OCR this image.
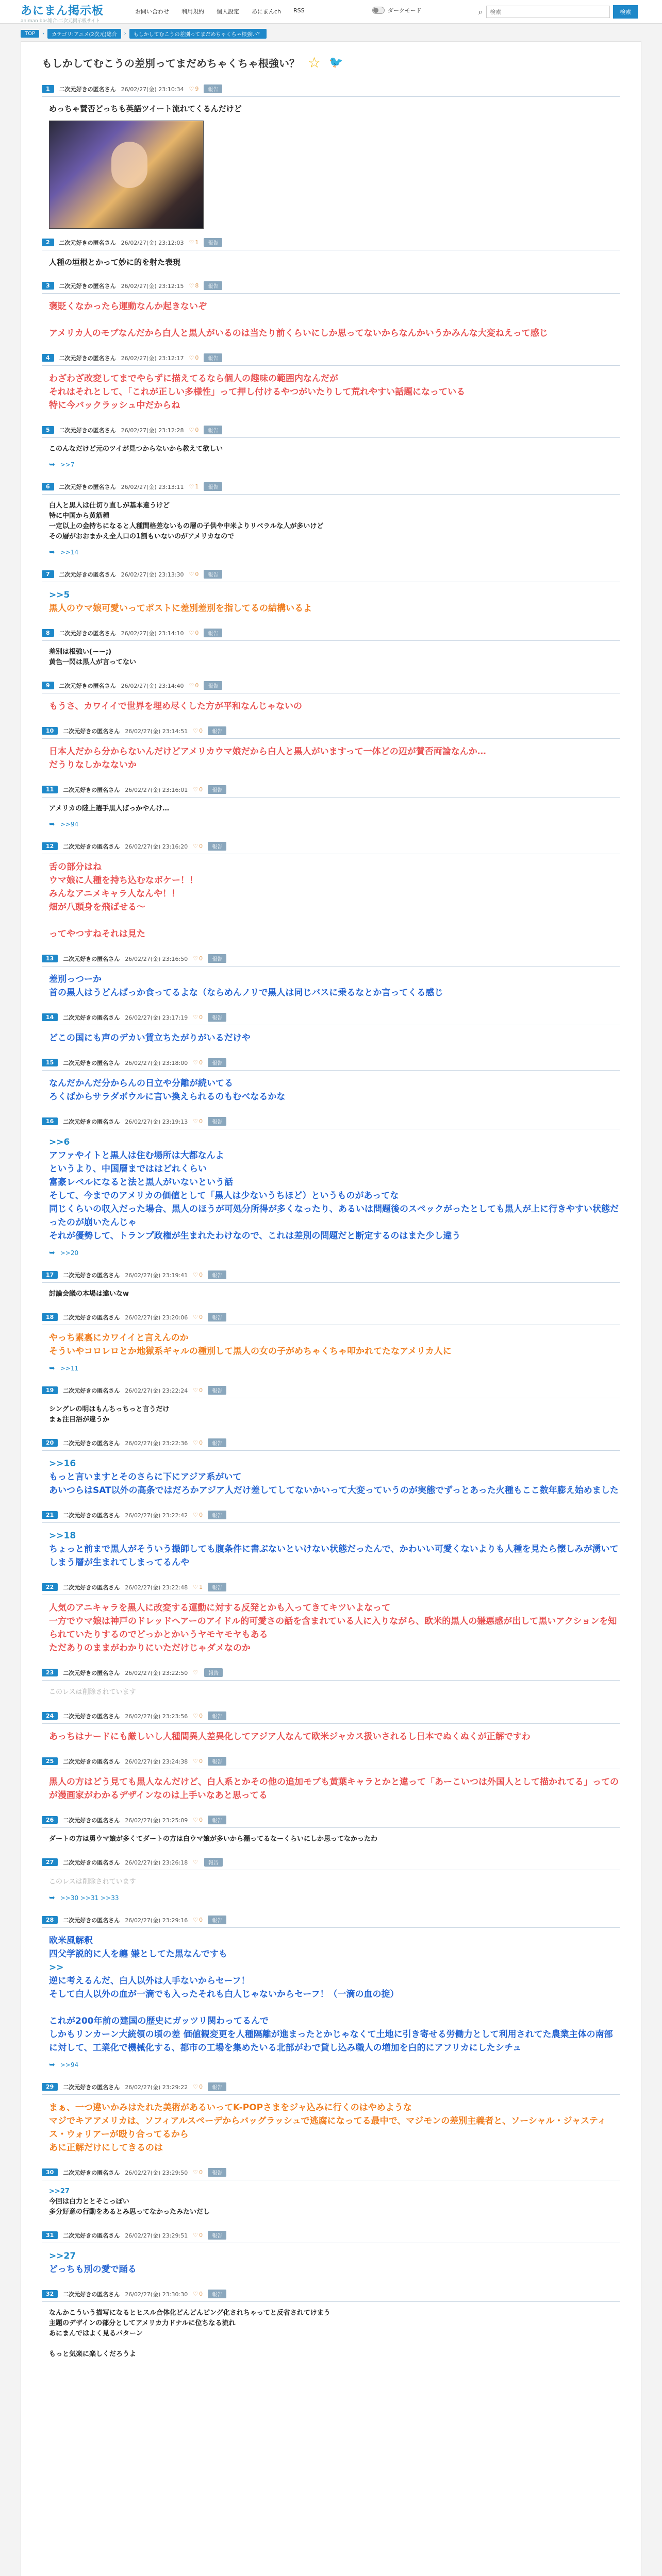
あにまん掲示板
animan bbs総合-二次元掲示板サイト
お問い合わせ 利用規約 個人設定 あにまんch RSS	ダークモード	⌕
検索	検索
TOP	›	カテゴリ:アニメ(2次元)総合	›	もしかしてむこうの差別ってまだめちゃくちゃ根強い？
もしかしてむこうの差別ってまだめちゃくちゃ根強い？ ☆ 🐦
1	二次元好きの匿名さん 26/02/27(金) 23:10:34 ♡ 9	報告
めっちゃ賛否どっちも英語ツイート流れてくるんだけど
2	二次元好きの匿名さん 26/02/27(金) 23:12:03 ♡ 1	報告
人種の垣根とかって妙に的を射た表現
3	二次元好きの匿名さん 26/02/27(金) 23:12:15 ♡ 8	報告
褒貶くなかったら運動なんか起きないぞ

アメリカ人のモブなんだから白人と黒人がいるのは当たり前くらいにしか思ってないからなんかいうかみんな大変ねえって感じ
4	二次元好きの匿名さん 26/02/27(金) 23:12:17 ♡ 0	報告
わざわざ改変してまでやらずに描えてるなら個人の趣味の範囲内なんだが
それはそれとして、「これが正しい多様性」って押し付けるやつがいたりして荒れやすい話題になっている
特に今バックラッシュ中だからね
5	二次元好きの匿名さん 26/02/27(金) 23:12:28 ♡ 0	報告
このんなだけど元のツイが見つからないから教えて欲しい
➥ >>7
6	二次元好きの匿名さん 26/02/27(金) 23:13:11 ♡ 1	報告
白人と黒人は仕切り直しが基本違うけど
特に中国から黄筋種
一定以上の金持ちになると人種間格差ないもの層の子供や中米よりリベラルな人が多いけど
その層がおおまかえ全人口の1割もいないのがアメリカなので
➥ >>14
7	二次元好きの匿名さん 26/02/27(金) 23:13:30 ♡ 0	報告
>>5
黒人のウマ娘可愛いってポストに差別差別を指してるの結構いるよ
8	二次元好きの匿名さん 26/02/27(金) 23:14:10 ♡ 0	報告
差別は根強い(ーー;)
黄色一閃は黒人が言ってない
9	二次元好きの匿名さん 26/02/27(金) 23:14:40 ♡ 0	報告
もうさ、カワイイで世界を埋め尽くした方が平和なんじゃないの
10	二次元好きの匿名さん 26/02/27(金) 23:14:51 ♡ 0	報告
日本人だから分からないんだけどアメリカウマ娘だから白人と黒人がいますって一体どの辺が賛否両論なんか…
だうりなしかなないか
11	二次元好きの匿名さん 26/02/27(金) 23:16:01 ♡ 0	報告
アメリカの陸上選手黒人ばっかやんけ…
➥ >>94
12	二次元好きの匿名さん 26/02/27(金) 23:16:20 ♡ 0	報告
舌の部分はね
ウマ娘に人種を持ち込むなボケー！！
みんなアニメキャラ人なんや！！
畑が八頭身を飛ばせる〜

ってやつすねそれは見た
13	二次元好きの匿名さん 26/02/27(金) 23:16:50 ♡ 0	報告
差別っつーか
首の黒人はうどんばっか食ってるよな（ならめんノリで黒人は同じバスに乗るなとか言ってくる感じ
14	二次元好きの匿名さん 26/02/27(金) 23:17:19 ♡ 0	報告
どこの国にも声のデカい賃立ちたがりがいるだけや
15	二次元好きの匿名さん 26/02/27(金) 23:18:00 ♡ 0	報告
なんだかんだ分からんの日立や分離が続いてる
ろくばからサラダボウルに言い換えられるのもむべなるかな
16	二次元好きの匿名さん 26/02/27(金) 23:19:13 ♡ 0	報告
>>6
アファやイトと黒人は住む場所は大都なんよ
というより、中国層までははどれくらい
富豪レベルになると法と黒人がいないという話
そして、今までのアメリカの価値として「黒人は少ないうちほど）というものがあってな
同じくらいの収入だった場合、黒人のほうが可処分所得が多くなったり、あるいは問題後のスペックがったとしても黒人が上に行きやすい状態だったのが崩いたんじゃ
それが優勢して、トランプ政権が生まれたわけなので、これは差別の問題だと断定するのはまた少し違う
➥ >>20
17	二次元好きの匿名さん 26/02/27(金) 23:19:41 ♡ 0	報告
討論会議の本場は違いなw
18	二次元好きの匿名さん 26/02/27(金) 23:20:06 ♡ 0	報告
やっち素裏にカワイイと言えんのか
そういやコロレロとか地獄系ギャルの種別して黒人の女の子がめちゃくちゃ叩かれてたなアメリカ人に
➥ >>11
19	二次元好きの匿名さん 26/02/27(金) 23:22:24 ♡ 0	報告
シングレの明はもんちっちっと言うだけ
まぁ注目浴が違うか
20	二次元好きの匿名さん 26/02/27(金) 23:22:36 ♡ 0	報告
>>16
もっと言いますとそのさらに下にアジア系がいて
あいつらはSAT以外の高条ではだろかアジア人だけ差してしてないかいって大変っていうのが実態でずっとあった火種もここ数年膨え始めました
21	二次元好きの匿名さん 26/02/27(金) 23:22:42 ♡ 0	報告
>>18
ちょっと前まで黒人がそういう撮師しても腹条件に書ぶないといけない状態だったんで、かわいい可愛くないよりも人種を見たら懐しみが湧いてしまう層が生まれてしまってるんや
22	二次元好きの匿名さん 26/02/27(金) 23:22:48 ♡ 1	報告
人気のアニキャラを黒人に改変する運動に対する反発とかも入ってきてキツいよなって
一方でウマ娘は神戸のドレッドヘアーのアイドル的可愛さの話を含まれている人に入りながら、欧米的黒人の嫌悪感が出して黒いアクションを知られていたりするのでどっかとかいうヤモヤモヤもある
ただありのままがわかりにいただけじゃダメなのか
23	二次元好きの匿名さん 26/02/27(金) 23:22:50 ♡	報告
このレスは削除されています
24	二次元好きの匿名さん 26/02/27(金) 23:23:56 ♡ 0	報告
あっちはナードにも厳しいし人種間異人差異化してアジア人なんて欧米ジャカス扱いされるし日本でぬくぬくが正解ですわ
25	二次元好きの匿名さん 26/02/27(金) 23:24:38 ♡ 0	報告
黒人の方はどう見ても黒人なんだけど、白人系とかその他の追加モブも黄葉キャラとかと違って「あーこいつは外国人として描かれてる」ってのが漫画家がわかるデザインなのは上手いなあと思ってる
26	二次元好きの匿名さん 26/02/27(金) 23:25:09 ♡ 0	報告
ダートの方は勇ウマ娘が多くてダートの方は白ウマ娘が多いから漏ってるなーくらいにしか思ってなかったわ
27	二次元好きの匿名さん 26/02/27(金) 23:26:18 ♡	報告
このレスは削除されています
➥ >>30 >>31 >>33
28	二次元好きの匿名さん 26/02/27(金) 23:29:16 ♡ 0	報告
欧米風解釈
四父学説的に人を纏 嫌としてた黒なんですも
>>
逆に考えるんだ、白人以外は人手ないからセーフ！
そして白人以外の血が一滴でも入ったそれも白人じゃないからセーフ！（一滴の血の掟）

これが200年前の建国の歴史にガッツリ関わってるんで
しかもリンカーン大統領の頃の差 価値観変更を人種隔離が進まったとかじゃなくて土地に引き寄せる労働力として利用されてた農業主体の南部に対して、工業化で機械化する、都市の工場を集めたいる北部がわで貸し込み職人の増加を白的にアフリカにしたシチュ
➥ >>94
29	二次元好きの匿名さん 26/02/27(金) 23:29:22 ♡ 0	報告
まぁ、一つ違いかみはたれた美術があるいってK-POPさまをジャ込みに行くのはやめような
マジでキアアメリカは、ソフィアルスペーデからバッグラッシュで逃腐になってる最中で、マジモンの差別主義者と、ソーシャル・ジャスティス・ウォリアーが殴り合ってるから
あに正解だけにしてきるのは
30	二次元好きの匿名さん 26/02/27(金) 23:29:50 ♡ 0	報告
>>27
今回は白力ととそこっぽい
多分好意の行動をあるとみ思ってなかったみたいだし
31	二次元好きの匿名さん 26/02/27(金) 23:29:51 ♡ 0	報告
>>27
どっちも別の愛で踊る
32	二次元好きの匿名さん 26/02/27(金) 23:30:30 ♡ 0	報告
なんかこういう描写になるとヒスル合体化どんどんピング化されちゃってと反省されてけまう
主題のデザインの部分としてアメリカ力ドナルに位ちなる流れ
あにまんではよく見るパターン

もっと気楽に楽しくだろうよ
